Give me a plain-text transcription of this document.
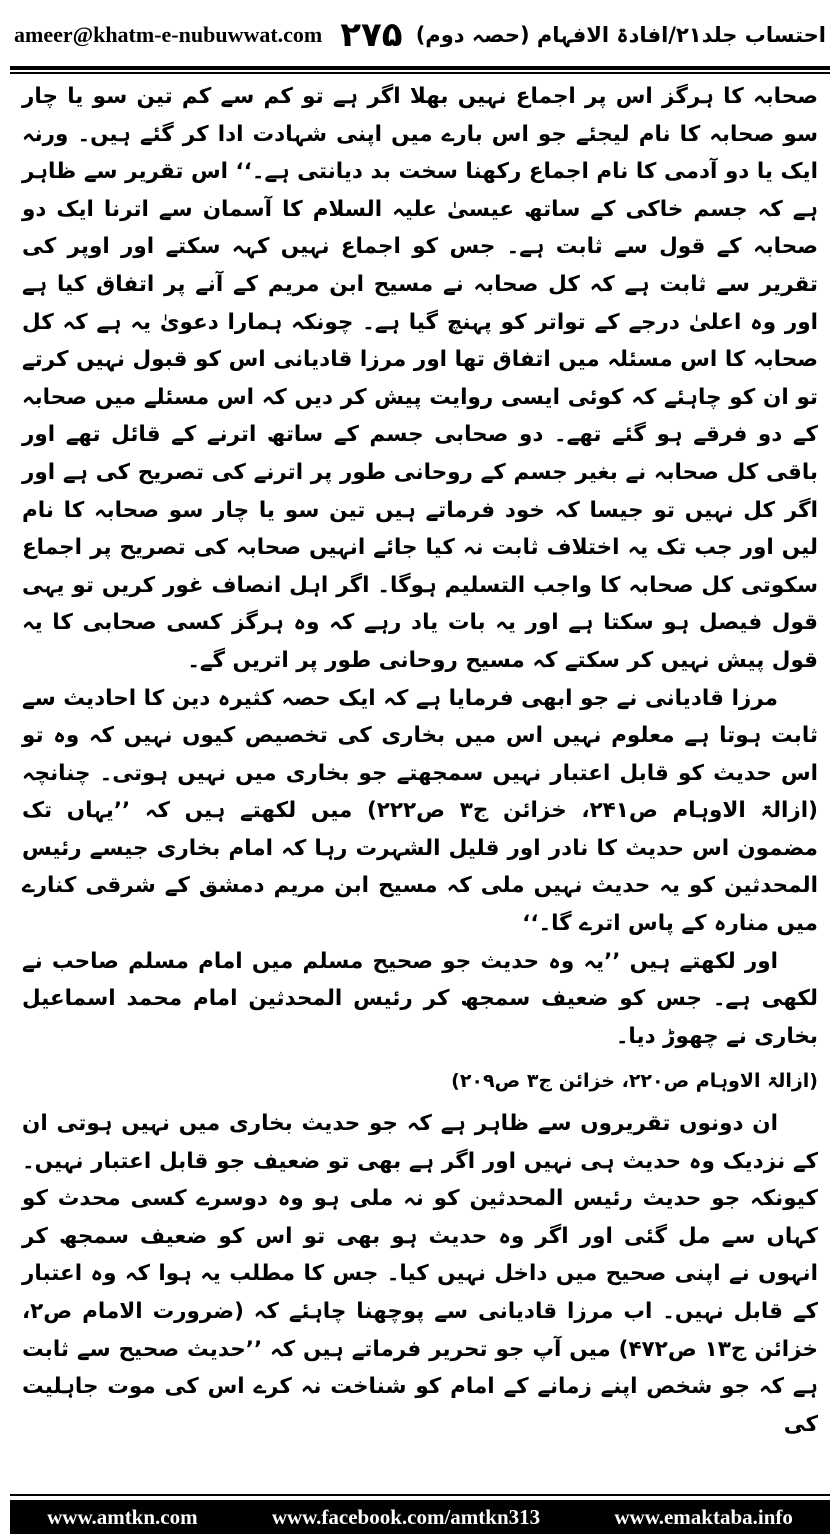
ameer@khatm-e-nubuwwat.com ۲۷۵ احتساب جلد۲۱/افادۃ الافہام (حصہ دوم)

صحابہ کا ہرگز اس پر اجماع نہیں بھلا اگر ہے تو کم سے کم تین سو یا چار سو صحابہ کا نام لیجئے جو اس بارے میں اپنی شہادت ادا کر گئے ہیں۔ ورنہ ایک یا دو آدمی کا نام اجماع رکھنا سخت بد دیانتی ہے۔‘‘ اس تقریر سے ظاہر ہے کہ جسم خاکی کے ساتھ عیسیٰ علیہ السلام کا آسمان سے اترنا ایک دو صحابہ کے قول سے ثابت ہے۔ جس کو اجماع نہیں کہہ سکتے اور اوپر کی تقریر سے ثابت ہے کہ کل صحابہ نے مسیح ابن مریم کے آنے پر اتفاق کیا ہے اور وہ اعلیٰ درجے کے تواتر کو پہنچ گیا ہے۔ چونکہ ہمارا دعویٰ یہ ہے کہ کل صحابہ کا اس مسئلہ میں اتفاق تھا اور مرزا قادیانی اس کو قبول نہیں کرتے تو ان کو چاہئے کہ کوئی ایسی روایت پیش کر دیں کہ اس مسئلے میں صحابہ کے دو فرقے ہو گئے تھے۔ دو صحابی جسم کے ساتھ اترنے کے قائل تھے اور باقی کل صحابہ نے بغیر جسم کے روحانی طور پر اترنے کی تصریح کی ہے اور اگر کل نہیں تو جیسا کہ خود فرماتے ہیں تین سو یا چار سو صحابہ کا نام لیں اور جب تک یہ اختلاف ثابت نہ کیا جائے انہیں صحابہ کی تصریح پر اجماع سکوتی کل صحابہ کا واجب التسلیم ہوگا۔ اگر اہل انصاف غور کریں تو یہی قول فیصل ہو سکتا ہے اور یہ بات یاد رہے کہ وہ ہرگز کسی صحابی کا یہ قول پیش نہیں کر سکتے کہ مسیح روحانی طور پر اتریں گے۔

مرزا قادیانی نے جو ابھی فرمایا ہے کہ ایک حصہ کثیرہ دین کا احادیث سے ثابت ہوتا ہے معلوم نہیں اس میں بخاری کی تخصیص کیوں نہیں کہ وہ تو اس حدیث کو قابل اعتبار نہیں سمجھتے جو بخاری میں نہیں ہوتی۔ چنانچہ (ازالۃ الاوہام ص۲۴۱، خزائن ج۳ ص۲۲۲) میں لکھتے ہیں کہ ’’یہاں تک مضمون اس حدیث کا نادر اور قلیل الشہرت رہا کہ امام بخاری جیسے رئیس المحدثین کو یہ حدیث نہیں ملی کہ مسیح ابن مریم دمشق کے شرقی کنارے میں منارہ کے پاس اترے گا۔‘‘

اور لکھتے ہیں ’’یہ وہ حدیث جو صحیح مسلم میں امام مسلم صاحب نے لکھی ہے۔ جس کو ضعیف سمجھ کر رئیس المحدثین امام محمد اسماعیل بخاری نے چھوڑ دیا۔

(ازالۃ الاوہام ص۲۲۰، خزائن ج۳ ص۲۰۹)

ان دونوں تقریروں سے ظاہر ہے کہ جو حدیث بخاری میں نہیں ہوتی ان کے نزدیک وہ حدیث ہی نہیں اور اگر ہے بھی تو ضعیف جو قابل اعتبار نہیں۔ کیونکہ جو حدیث رئیس المحدثین کو نہ ملی ہو وہ دوسرے کسی محدث کو کہاں سے مل گئی اور اگر وہ حدیث ہو بھی تو اس کو ضعیف سمجھ کر انہوں نے اپنی صحیح میں داخل نہیں کیا۔ جس کا مطلب یہ ہوا کہ وہ اعتبار کے قابل نہیں۔ اب مرزا قادیانی سے پوچھنا چاہئے کہ (ضرورت الامام ص۲، خزائن ج۱۳ ص۴۷۲) میں آپ جو تحریر فرماتے ہیں کہ ’’حدیث صحیح سے ثابت ہے کہ جو شخص اپنے زمانے کے امام کو شناخت نہ کرے اس کی موت جاہلیت کی

www.amtkn.com	www.facebook.com/amtkn313	www.emaktaba.info
